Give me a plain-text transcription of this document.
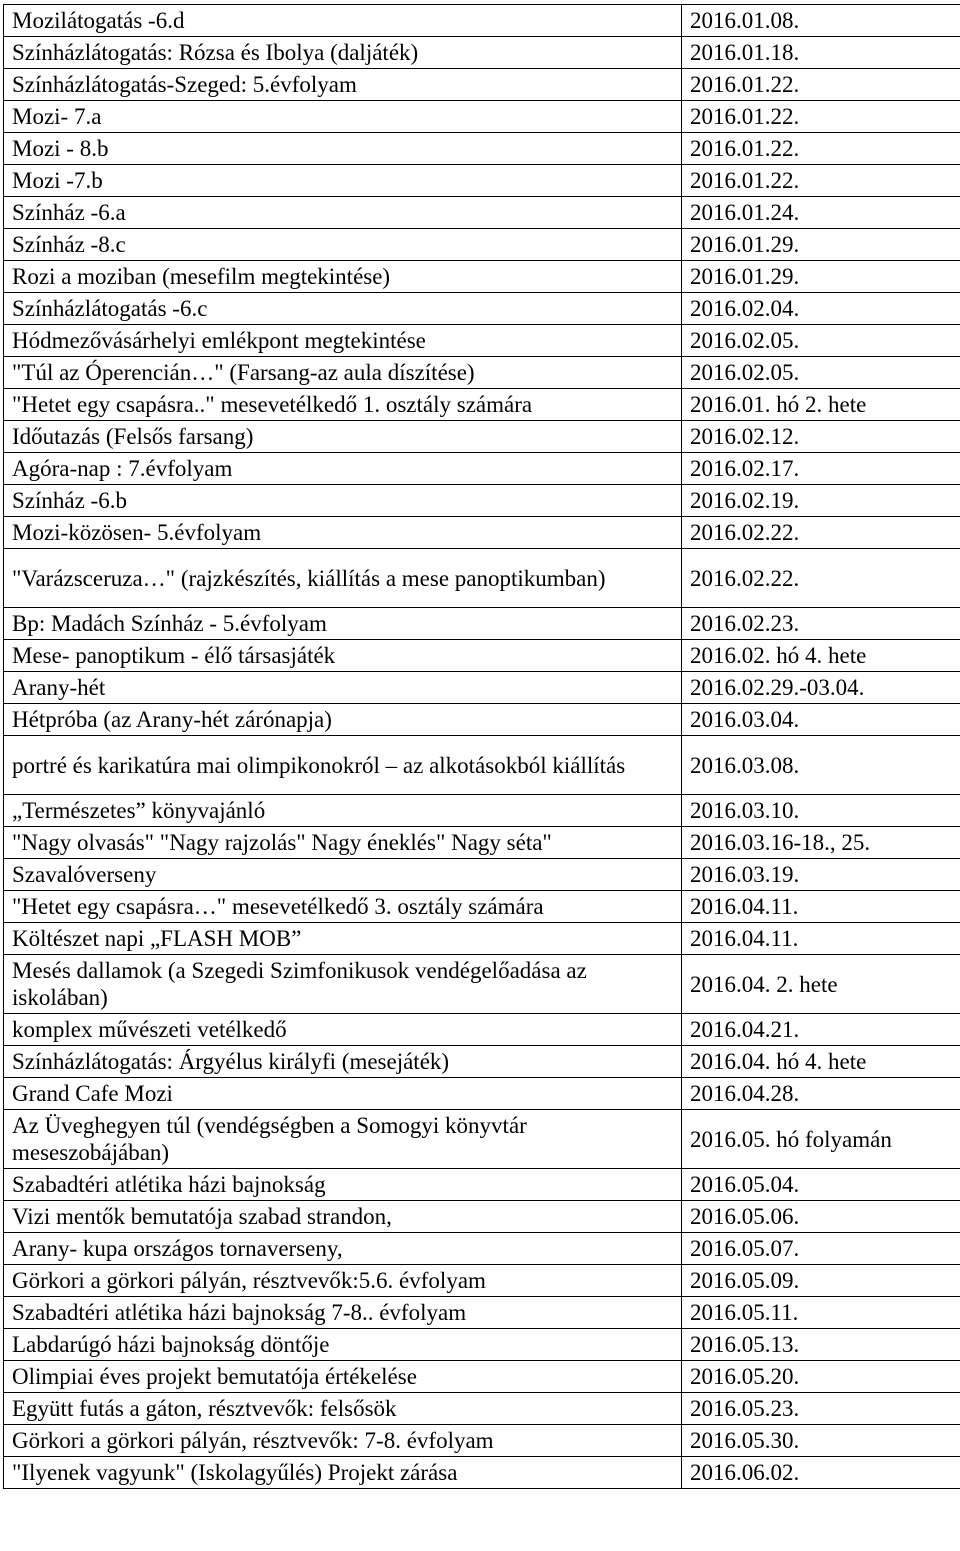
Mozilátogatás -6.d	2016.01.08.
Színházlátogatás: Rózsa és Ibolya (daljáték)	2016.01.18.
Színházlátogatás-Szeged: 5.évfolyam	2016.01.22.
Mozi- 7.a	2016.01.22.
Mozi - 8.b	2016.01.22.
Mozi -7.b	2016.01.22.
Színház -6.a	2016.01.24.
Színház -8.c	2016.01.29.
Rozi a moziban (mesefilm megtekintése)	2016.01.29.
Színházlátogatás -6.c	2016.02.04.
Hódmezővásárhelyi emlékpont megtekintése	2016.02.05.
"Túl az Óperencián…" (Farsang-az aula díszítése)	2016.02.05.
"Hetet egy csapásra.." mesevetélkedő 1. osztály számára	2016.01. hó 2. hete
Időutazás (Felsős farsang)	2016.02.12.
Agóra-nap : 7.évfolyam	2016.02.17.
Színház -6.b	2016.02.19.
Mozi-közösen- 5.évfolyam	2016.02.22.
"Varázsceruza…" (rajzkészítés, kiállítás a mese panoptikumban)	2016.02.22.
Bp: Madách Színház - 5.évfolyam	2016.02.23.
Mese- panoptikum - élő társasjáték	2016.02. hó 4. hete
Arany-hét	2016.02.29.-03.04.
Hétpróba (az Arany-hét zárónapja)	2016.03.04.
portré és karikatúra mai olimpikonokról – az alkotásokból kiállítás	2016.03.08.
„Természetes” könyvajánló	2016.03.10.
"Nagy olvasás" "Nagy rajzolás" Nagy éneklés" Nagy séta"	2016.03.16-18., 25.
Szavalóverseny	2016.03.19.
"Hetet egy csapásra…" mesevetélkedő 3. osztály számára	2016.04.11.
Költészet napi „FLASH MOB”	2016.04.11.
Mesés dallamok (a Szegedi Szimfonikusok vendégelőadása az iskolában)	2016.04. 2. hete
komplex művészeti vetélkedő	2016.04.21.
Színházlátogatás: Árgyélus királyfi (mesejáték)	2016.04. hó 4. hete
Grand Cafe Mozi	2016.04.28.
Az Üveghegyen túl (vendégségben a Somogyi könyvtár meseszobájában)	2016.05. hó folyamán
Szabadtéri atlétika házi bajnokság	2016.05.04.
Vizi mentők bemutatója szabad strandon,	2016.05.06.
Arany- kupa országos tornaverseny,	2016.05.07.
Görkori a görkori pályán, résztvevők:5.6. évfolyam	2016.05.09.
Szabadtéri atlétika házi bajnokság 7-8.. évfolyam	2016.05.11.
Labdarúgó házi bajnokság döntője	2016.05.13.
Olimpiai éves projekt bemutatója értékelése	2016.05.20.
Együtt futás a gáton, résztvevők: felsősök	2016.05.23.
Görkori a görkori pályán, résztvevők: 7-8. évfolyam	2016.05.30.
"Ilyenek vagyunk" (Iskolagyűlés) Projekt zárása	2016.06.02.
